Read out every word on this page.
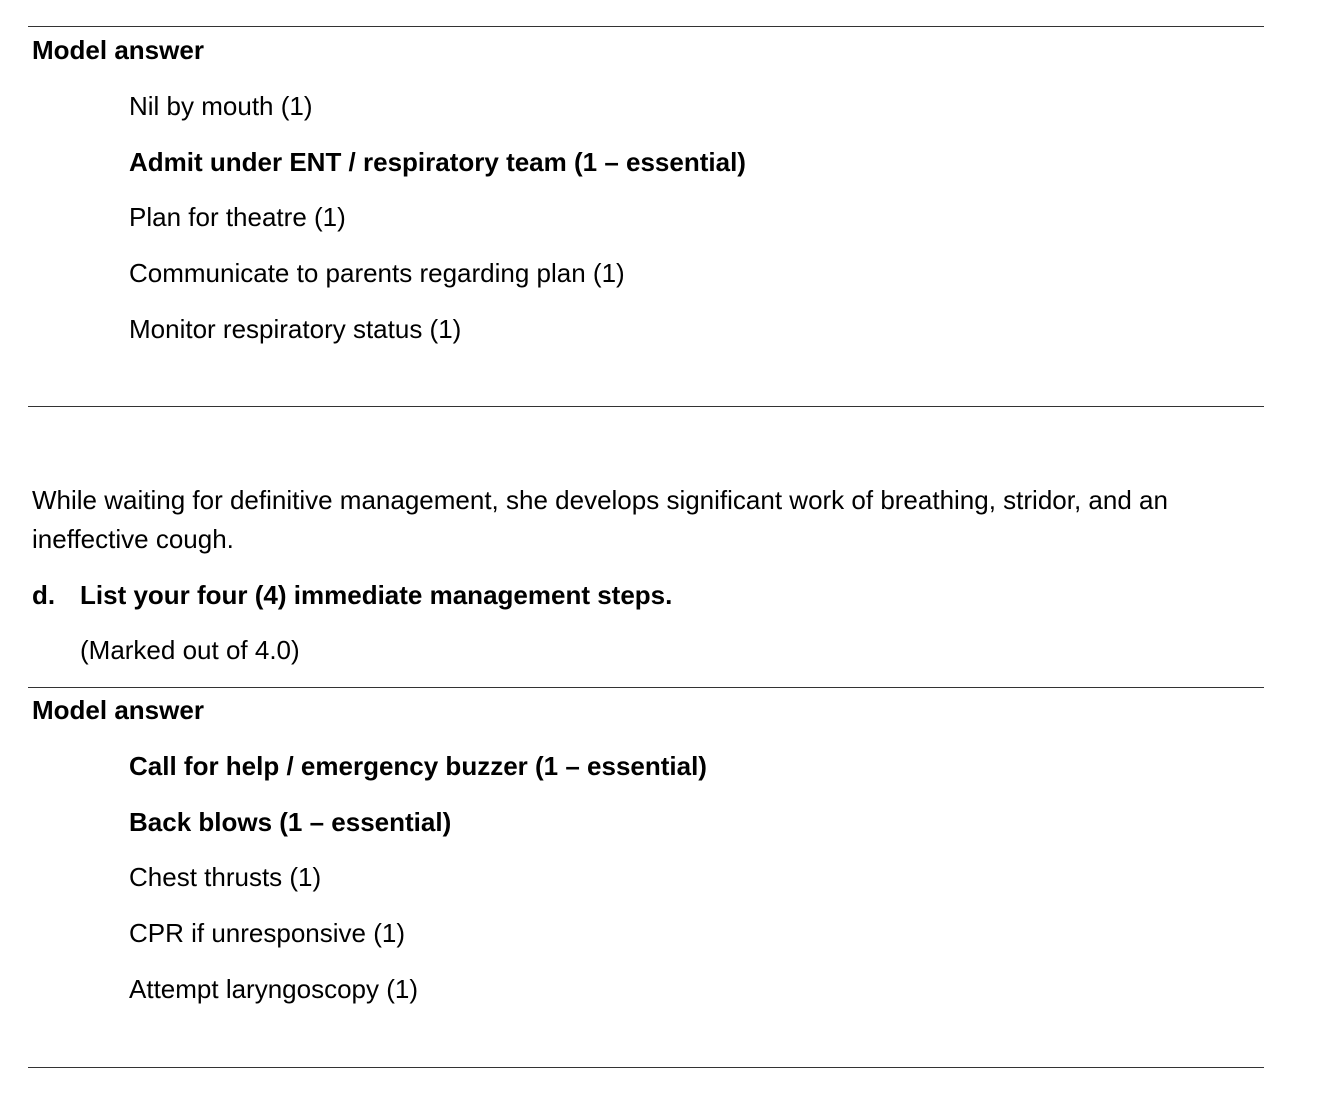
Model answer
Nil by mouth (1)
Admit under ENT / respiratory team (1 – essential)
Plan for theatre (1)
Communicate to parents regarding plan (1)
Monitor respiratory status (1)
While waiting for definitive management, she develops significant work of breathing, stridor, and an ineffective cough.
d. List your four (4) immediate management steps.
(Marked out of 4.0)
Model answer
Call for help / emergency buzzer (1 – essential)
Back blows (1 – essential)
Chest thrusts (1)
CPR if unresponsive (1)
Attempt laryngoscopy (1)
